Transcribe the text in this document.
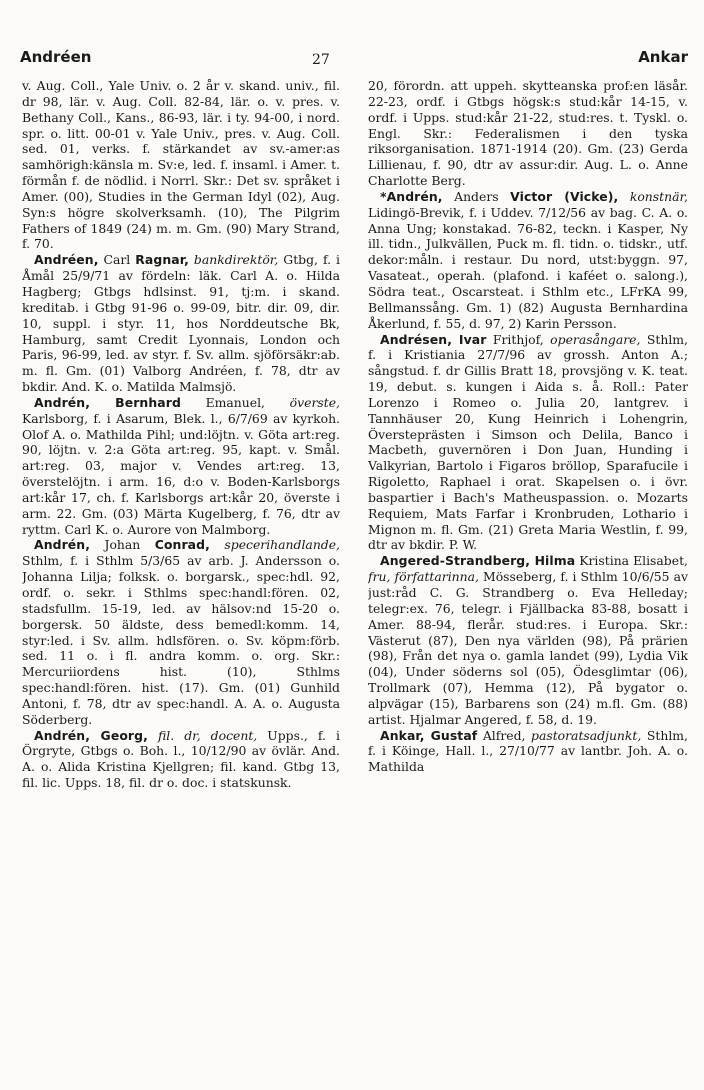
Andréen	27	Ankar

v. Aug. Coll., Yale Univ. o. 2 år v. skand. univ., fil. dr 98, lär. v. Aug. Coll. 82-84, lär. o. v. pres. v. Bethany Coll., Kans., 86-93, lär. i ty. 94-00, i nord. spr. o. litt. 00-01 v. Yale Univ., pres. v. Aug. Coll. sed. 01, verks. f. stärkandet av sv.-amer:as samhörigh:känsla m. Sv:e, led. f. insaml. i Amer. t. förmån f. de nödlid. i Norrl. Skr.: Det sv. språket i Amer. (00), Studies in the German Idyl (02), Aug. Syn:s högre skolverksamh. (10), The Pilgrim Fathers of 1849 (24) m. m. Gm. (90) Mary Strand, f. 70.

Andréen, Carl Ragnar, bankdirektör, Gtbg, f. i Åmål 25/9/71 av fördeln: läk. Carl A. o. Hilda Hagberg; Gtbgs hdlsinst. 91, tj:m. i skand. kreditab. i Gtbg 91-96 o. 99-09, bitr. dir. 09, dir. 10, suppl. i styr. 11, hos Norddeutsche Bk, Hamburg, samt Credit Lyonnais, London och Paris, 96-99, led. av styr. f. Sv. allm. sjöförsäkr:ab. m. fl. Gm. (01) Valborg Andréen, f. 78, dtr av bkdir. And. K. o. Matilda Malmsjö.

Andrén, Bernhard Emanuel, överste, Karlsborg, f. i Asarum, Blek. l., 6/7/69 av kyrkoh. Olof A. o. Mathilda Pihl; und:löjtn. v. Göta art:reg. 90, löjtn. v. 2:a Göta art:reg. 95, kapt. v. Smål. art:reg. 03, major v. Vendes art:reg. 13, överstelöjtn. i arm. 16, d:o v. Boden-Karlsborgs art:kår 17, ch. f. Karlsborgs art:kår 20, överste i arm. 22. Gm. (03) Märta Kugelberg, f. 76, dtr av ryttm. Carl K. o. Aurore von Malmborg.

Andrén, Johan Conrad, specerihandlande, Sthlm, f. i Sthlm 5/3/65 av arb. J. Andersson o. Johanna Lilja; folksk. o. borgarsk., spec:hdl. 92, ordf. o. sekr. i Sthlms spec:handl:fören. 02, stadsfullm. 15-19, led. av hälsov:nd 15-20 o. borgersk. 50 äldste, dess bemedl:komm. 14, styr:led. i Sv. allm. hdlsfören. o. Sv. köpm:förb. sed. 11 o. i fl. andra komm. o. org. Skr.: Mercuriiordens hist. (10), Sthlms spec:handl:fören. hist. (17). Gm. (01) Gunhild Antoni, f. 78, dtr av spec:handl. A. A. o. Augusta Söderberg.

Andrén, Georg, fil. dr, docent, Upps., f. i Örgryte, Gtbgs o. Boh. l., 10/12/90 av övlär. And. A. o. Alida Kristina Kjellgren; fil. kand. Gtbg 13, fil. lic. Upps. 18, fil. dr o. doc. i statskunsk.

20, förordn. att uppeh. skytteanska prof:en läsår. 22-23, ordf. i Gtbgs högsk:s stud:kår 14-15, v. ordf. i Upps. stud:kår 21-22, stud:res. t. Tyskl. o. Engl. Skr.: Federalismen i den tyska riksorganisation. 1871-1914 (20). Gm. (23) Gerda Lillienau, f. 90, dtr av assur:dir. Aug. L. o. Anne Charlotte Berg.

*Andrén, Anders Victor (Vicke), konstnär, Lidingö-Brevik, f. i Uddev. 7/12/56 av bag. C. A. o. Anna Ung; konstakad. 76-82, teckn. i Kasper, Ny ill. tidn., Julkvällen, Puck m. fl. tidn. o. tidskr., utf. dekor:måln. i restaur. Du nord, utst:byggn. 97, Vasateat., operah. (plafond. i kaféet o. salong.), Södra teat., Oscarsteat. i Sthlm etc., LFrKA 99, Bellmanssång. Gm. 1) (82) Augusta Bernhardina Åkerlund, f. 55, d. 97, 2) Karin Persson.

Andrésen, Ivar Frithjof, operasångare, Sthlm, f. i Kristiania 27/7/96 av grossh. Anton A.; sångstud. f. dr Gillis Bratt 18, provsjöng v. K. teat. 19, debut. s. kungen i Aida s. å. Roll.: Pater Lorenzo i Romeo o. Julia 20, lantgrev. i Tannhäuser 20, Kung Heinrich i Lohengrin, Översteprästen i Simson och Delila, Banco i Macbeth, guvernören i Don Juan, Hunding i Valkyrian, Bartolo i Figaros bröllop, Sparafucile i Rigoletto, Raphael i orat. Skapelsen o. i övr. baspartier i Bach's Matheuspassion. o. Mozarts Requiem, Mats Farfar i Kronbruden, Lothario i Mignon m. fl. Gm. (21) Greta Maria Westlin, f. 99, dtr av bkdir. P. W.

Angered-Strandberg, Hilma Kristina Elisabet, fru, författarinna, Mösseberg, f. i Sthlm 10/6/55 av just:råd C. G. Strandberg o. Eva Helleday; telegr:ex. 76, telegr. i Fjällbacka 83-88, bosatt i Amer. 88-94, flerår. stud:res. i Europa. Skr.: Västerut (87), Den nya världen (98), På prärien (98), Från det nya o. gamla landet (99), Lydia Vik (04), Under söderns sol (05), Ödesglimtar (06), Trollmark (07), Hemma (12), På bygator o. alpvägar (15), Barbarens son (24) m.fl. Gm. (88) artist. Hjalmar Angered, f. 58, d. 19.

Ankar, Gustaf Alfred, pastoratsadjunkt, Sthlm, f. i Köinge, Hall. l., 27/10/77 av lantbr. Joh. A. o. Mathilda
